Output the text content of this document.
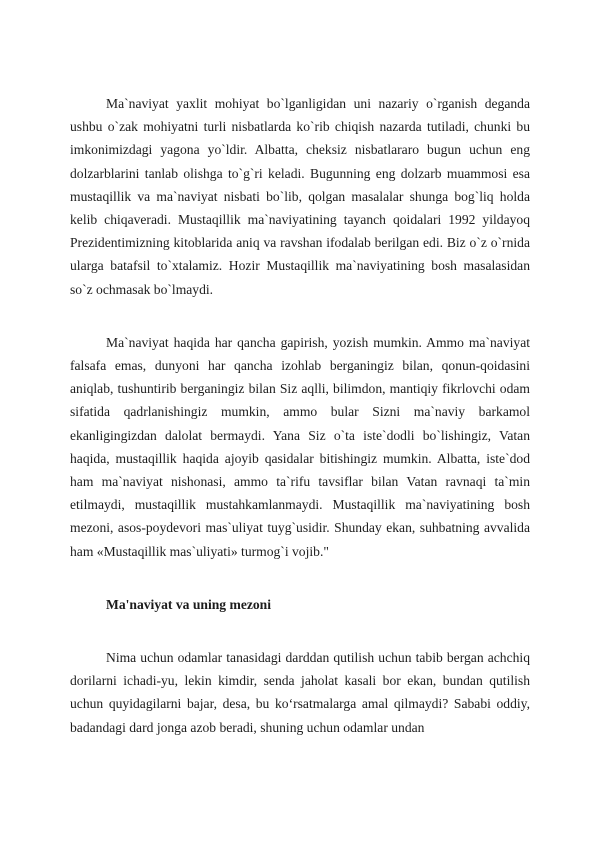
Ma`naviyat yaxlit mohiyat bo`lganligidan uni nazariy o`rganish deganda ushbu o`zak mohiyatni turli nisbatlarda ko`rib chiqish nazarda tutiladi, chunki bu imkonimizdagi yagona yo`ldir. Albatta, cheksiz nisbatlararo bugun uchun eng dolzarblarini tanlab olishga to`g`ri keladi. Bugunning eng dolzarb muammosi esa mustaqillik va ma`naviyat nisbati bo`lib, qolgan masalalar shunga bog`liq holda kelib chiqaveradi. Mustaqillik ma`naviyatining tayanch qoidalari 1992 yildayoq Prezidentimizning kitoblarida aniq va ravshan ifodalab berilgan edi. Biz o`z o`rnida ularga batafsil to`xtalamiz. Hozir Mustaqillik ma`naviyatining bosh masalasidan so`z ochmasak bo`lmaydi.

Ma`naviyat haqida har qancha gapirish, yozish mumkin. Ammo ma`naviyat falsafa emas, dunyoni har qancha izohlab berganingiz bilan, qonun-qoidasini aniqlab, tushuntirib berganingiz bilan Siz aqlli, bilimdon, mantiqiy fikrlovchi odam sifatida qadrlanishingiz mumkin, ammo bular Sizni ma`naviy barkamol ekanligingizdan dalolat bermaydi. Yana Siz o`ta iste`dodli bo`lishingiz, Vatan haqida, mustaqillik haqida ajoyib qasidalar bitishingiz mumkin. Albatta, iste`dod ham ma`naviyat nishonasi, ammo ta`rifu tavsiflar bilan Vatan ravnaqi ta`min etilmaydi, mustaqillik mustahkamlanmaydi. Mustaqillik ma`naviyatining bosh mezoni, asos-poydevori mas`uliyat tuyg`usidir. Shunday ekan, suhbatning avvalida ham «Mustaqillik mas`uliyati» turmog`i vojib."

Ma'naviyat va uning mezoni

Nima uchun odamlar tanasidagi darddan qutilish uchun tabib bergan achchiq dorilarni ichadi-yu, lekin kimdir, senda jaholat kasali bor ekan, bundan qutilish uchun quyidagilarni bajar, desa, bu ko‘rsatmalarga amal qilmaydi? Sababi oddiy, badandagi dard jonga azob beradi, shuning uchun odamlar undan
